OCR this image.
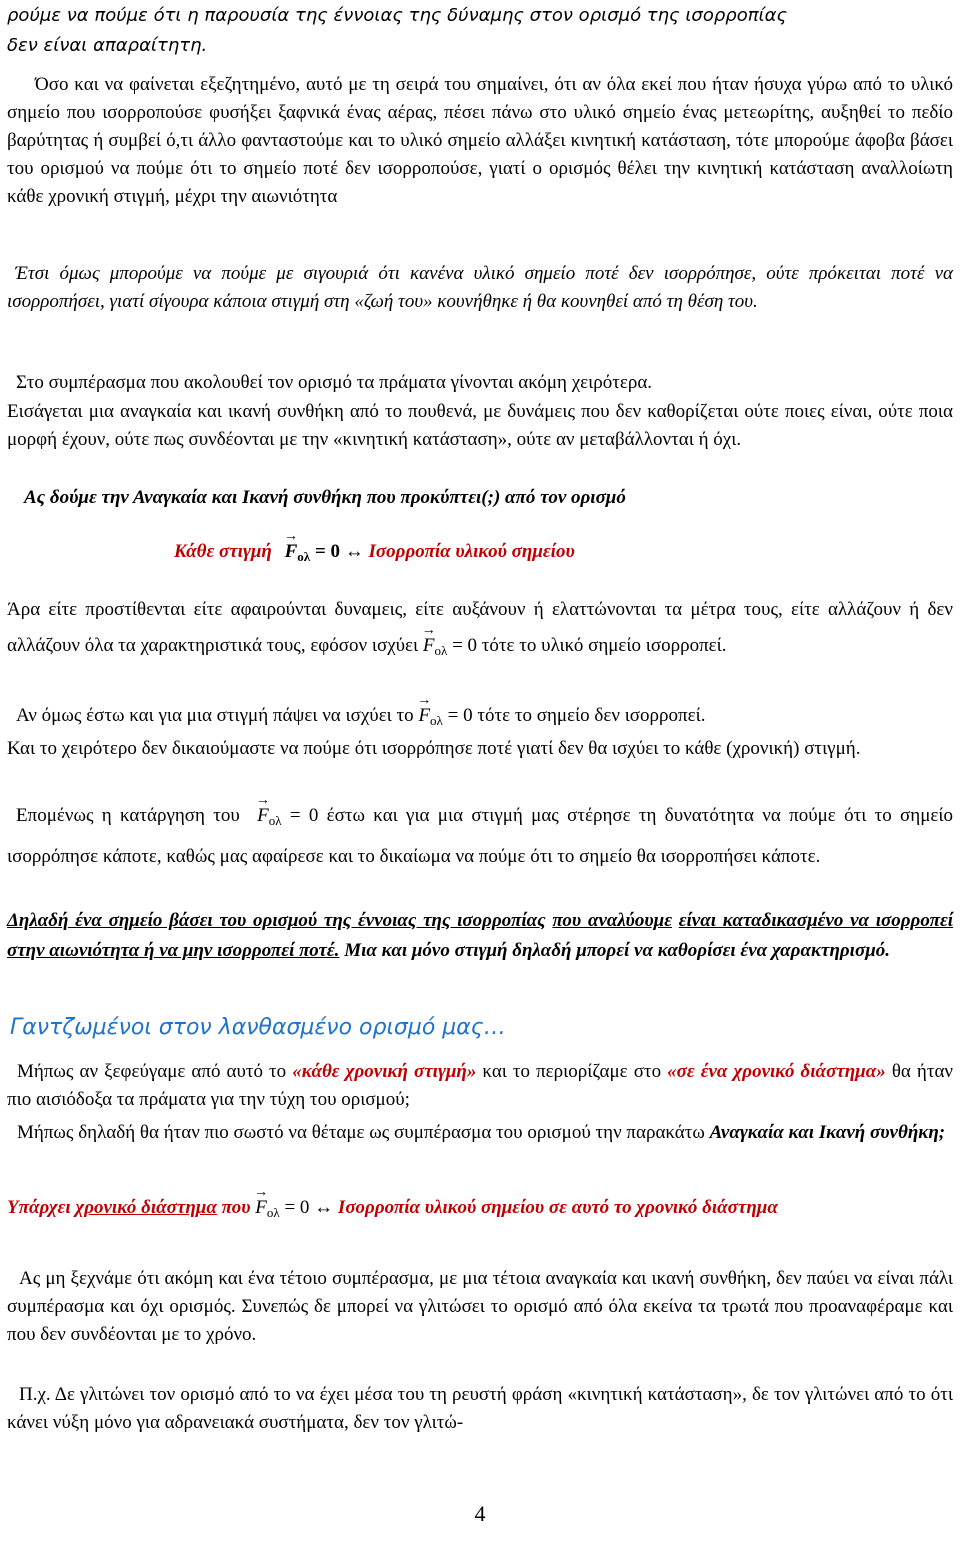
ρούμε να πούμε ότι η παρουσία της έννοιας της δύναμης στον ορισμό της ισορροπίας

δεν είναι απαραίτητη.

Όσο και να φαίνεται εξεζητημένο, αυτό με τη σειρά του σημαίνει, ότι αν όλα εκεί που ήταν ήσυχα γύρω από το υλικό σημείο που ισορροπούσε φυσήξει ξαφνικά ένας αέρας, πέσει πάνω στο υλικό σημείο ένας μετεωρίτης, αυξηθεί το πεδίο βαρύτητας ή συμβεί ό,τι άλλο φανταστούμε και το υλικό σημείο αλλάξει κινητική κατάσταση, τότε μπορούμε άφοβα βάσει του ορισμού να πούμε ότι το σημείο ποτέ δεν ισορροπούσε, γιατί ο ορισμός θέλει την κινητική κατάσταση αναλλοίωτη κάθε χρονική στιγμή, μέχρι την αιωνιότητα

Έτσι όμως μπορούμε να πούμε με σιγουριά ότι κανένα υλικό σημείο ποτέ δεν ισορρόπησε, ούτε πρόκειται ποτέ να ισορροπήσει, γιατί σίγουρα κάποια στιγμή στη «ζωή του» κουνήθηκε ή θα κουνηθεί από τη θέση του.

Στο συμπέρασμα που ακολουθεί τον ορισμό τα πράματα γίνονται ακόμη χειρότερα.

Εισάγεται μια αναγκαία και ικανή συνθήκη από το πουθενά, με δυνάμεις που δεν καθορίζεται ούτε ποιες είναι, ούτε ποια μορφή έχουν, ούτε πως συνδέονται με την «κινητική κατάσταση», ούτε αν μεταβάλλονται ή όχι.

Ας δούμε την Αναγκαία και Ικανή συνθήκη που προκύπτει(;) από τον ορισμό

Κάθε $\sigma\tau\iota\gamma\mu ή \to F_{o\lambda} = 0$ ↔ Ισορροπία υλικού σημείου

Άρα είτε προστίθενται είτε αφαιρούνται δυναμεις, είτε αυξάνουν ή ελαττώνονται τα μέτρα τους, είτε αλλάζουν ή δεν αλλάζουν όλα τα χαρακτηριστικά τους, εφόσον $\iota\sigma\chi ύ\varepsilon\iota \to F_{o\lambda} = 0$ τότε το υλικό σημείο ισορροπεί.

Αν όμως έστω και για μια στιγμή πάψει να ισχύει $\tau o \to F_{o\lambda} = 0$ τότε το σημείο δεν ισορροπεί.

Και το χειρότερο δεν δικαιούμαστε να πούμε ότι ισορρόπησε ποτέ γιατί δεν θα ισχύει το κάθε (χρονική) στιγμή.

Επομένως η κατάργηση $\tau o\upsilon \to F_{o\lambda} = 0$ έστω και για μια στιγμή μας στέρησε τη δυνατότητα να πούμε ότι το σημείο ισορρόπησε κάποτε, καθώς μας αφαίρεσε και το δικαίωμα να πούμε ότι το σημείο θα ισορροπήσει κάποτε.

Δηλαδή ένα σημείο βάσει του ορισμού της έννοιας της ισορροπίας που αναλύουμε είναι καταδικασμένο να ισορροπεί στην αιωνιότητα ή να μην ισορροπεί ποτέ. Μια και μόνο στιγμή δηλαδή μπορεί να καθορίσει ένα χαρακτηρισμό.

Γαντζωμένοι στον λανθασμένο ορισμό μας…

Μήπως αν ξεφεύγαμε από αυτό το «κάθε χρονική στιγμή» και το περιορίζαμε στο «σε ένα χρονικό διάστημα» θα ήταν πιο αισιόδοξα τα πράματα για την τύχη του ορισμού;

Μήπως δηλαδή θα ήταν πιο σωστό να θέταμε ως συμπέρασμα του ορισμού την παρακάτω Αναγκαία και Ικανή συνθήκη;

Υπάρχει χρονικό διάστημα $\pi o\upsilon \to F_{o\lambda} = 0$ ↔ Ισορροπία υλικού σημείου σε αυτό το χρονικό διάστημα

Ας μη ξεχνάμε ότι ακόμη και ένα τέτοιο συμπέρασμα, με μια τέτοια αναγκαία και ικανή συνθήκη, δεν παύει να είναι πάλι συμπέρασμα και όχι ορισμός. Συνεπώς δε μπορεί να γλιτώσει το ορισμό από όλα εκείνα τα τρωτά που προαναφέραμε και που δεν συνδέονται με το χρόνο.

Π.χ. Δε γλιτώνει τον ορισμό από το να έχει μέσα του τη ρευστή φράση «κινητική κατάσταση», δε τον γλιτώνει από το ότι κάνει νύξη μόνο για αδρανειακά συστήματα, δεν τον γλιτώ-

4
